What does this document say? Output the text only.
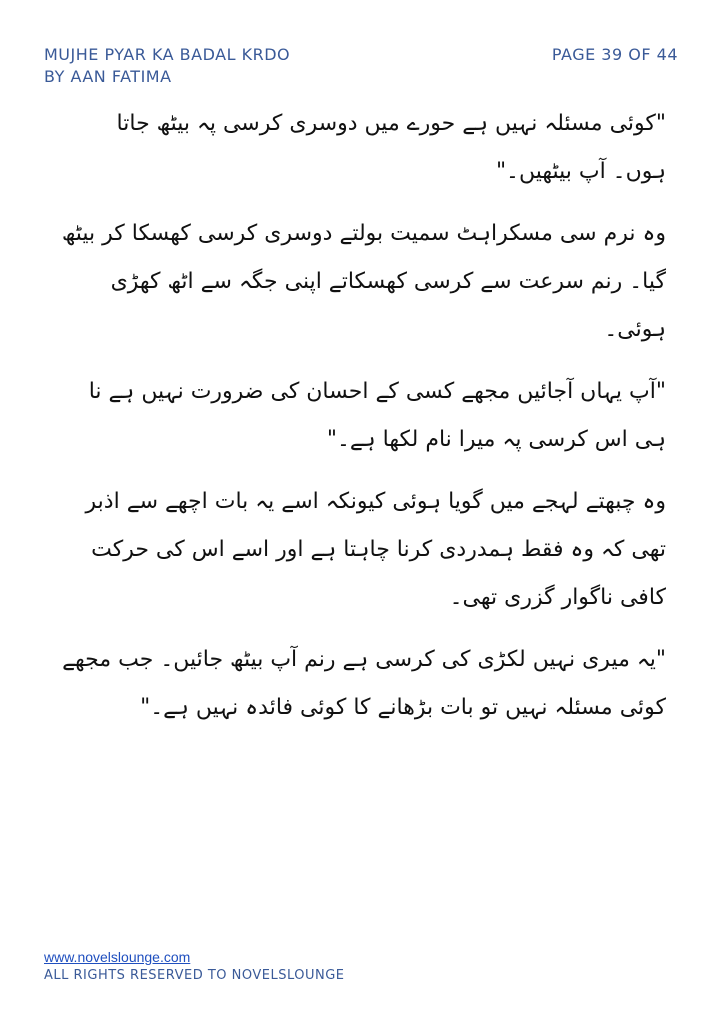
MUJHE PYAR KA BADAL KRDO
BY AAN FATIMA
PAGE 39 OF 44

"کوئی مسئلہ نہیں ہے حورے میں دوسری کرسی پہ بیٹھ جاتا ہوں۔ آپ بیٹھیں۔"

وہ نرم سی مسکراہٹ سمیت بولتے دوسری کرسی کھسکا کر بیٹھ گیا۔ رنم سرعت سے کرسی کھسکاتے اپنی جگہ سے اٹھ کھڑی ہوئی۔

"آپ یہاں آجائیں مجھے کسی کے احسان کی ضرورت نہیں ہے نا ہی اس کرسی پہ میرا نام لکھا ہے۔"

وہ چبھتے لہجے میں گویا ہوئی کیونکہ اسے یہ بات اچھے سے اذبر تھی کہ وہ فقط ہمدردی کرنا چاہتا ہے اور اسے اس کی حرکت کافی ناگوار گزری تھی۔

"یہ میری نہیں لکڑی کی کرسی ہے رنم آپ بیٹھ جائیں۔ جب مجھے کوئی مسئلہ نہیں تو بات بڑھانے کا کوئی فائدہ نہیں ہے۔"

www.novelslounge.com
ALL RIGHTS RESERVED TO NOVELSLOUNGE
